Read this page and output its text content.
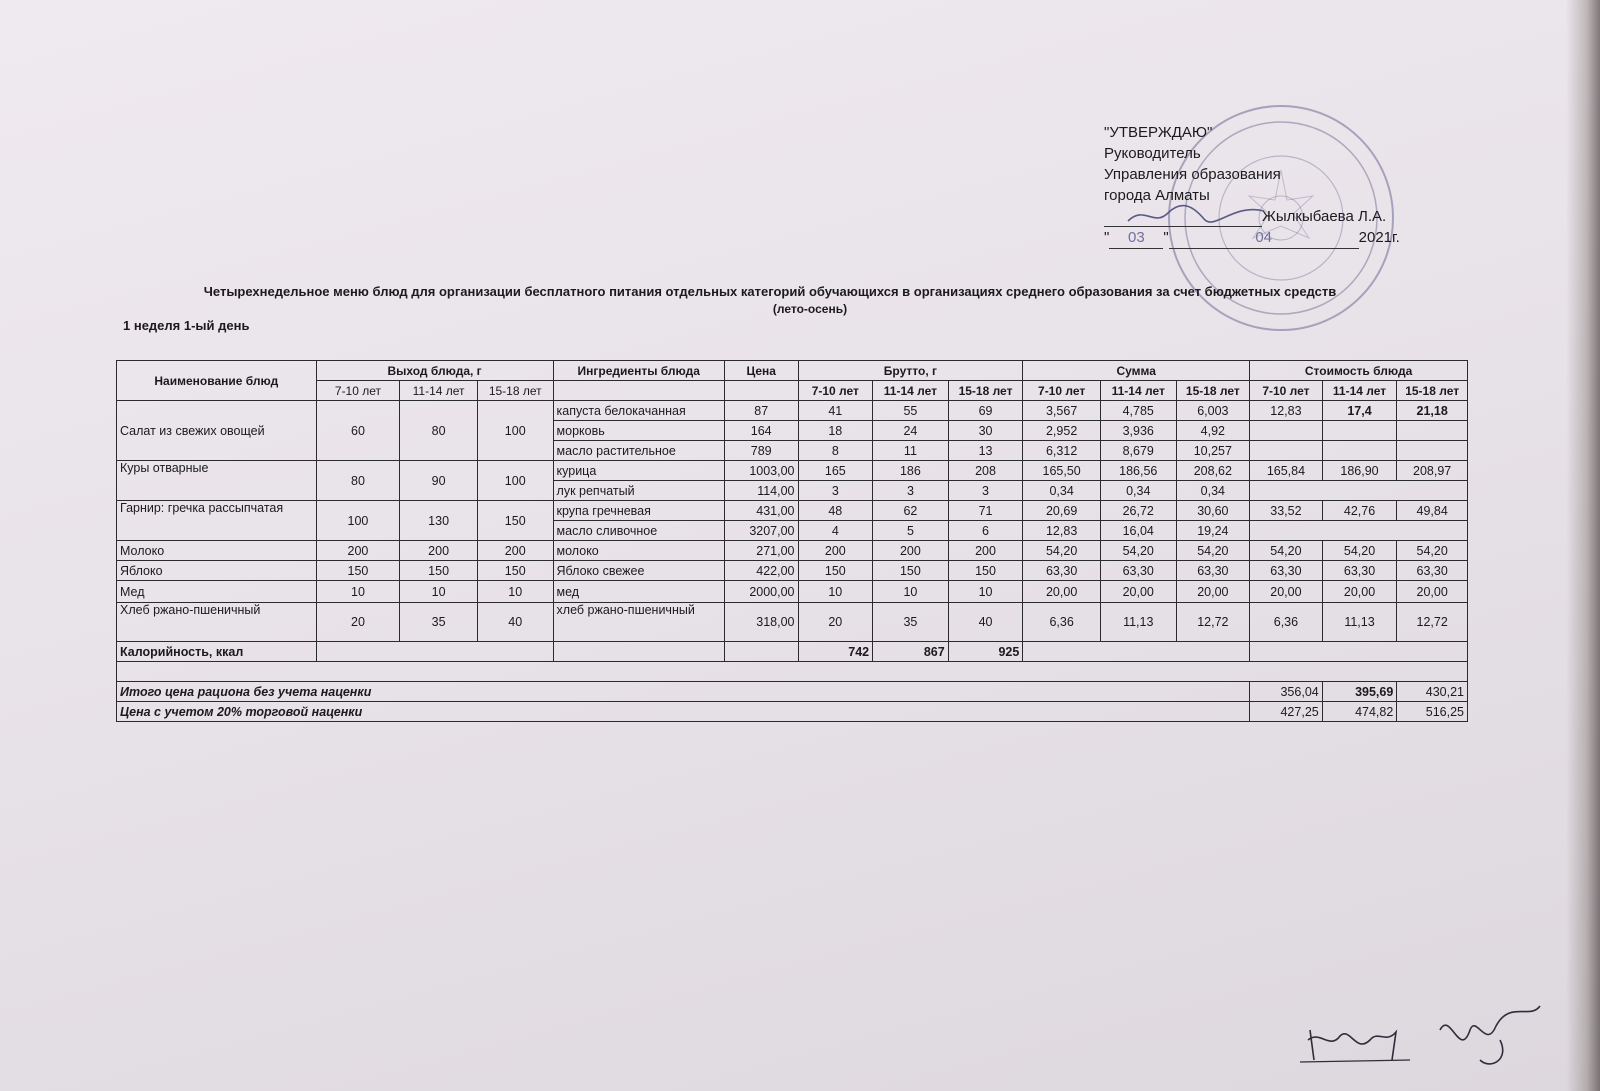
"УТВЕРЖДАЮ"
Руководитель
Управления образования
города Алматы
Жылкыбаева Л.А.
" 03 "	04	2021г.
Четырехнедельное меню блюд для организации бесплатного питания отдельных категорий обучающихся в организациях среднего образования за счет бюджетных средств
(лето-осень)
1 неделя 1-ый день
Наименование блюд	Выход блюда, г			Ингредиенты блюда	Цена	Брутто, г			Сумма			Стоимость блюда		
	7-10 лет	11-14 лет	15-18 лет			7-10 лет	11-14 лет	15-18 лет	7-10 лет	11-14 лет	15-18 лет	7-10 лет	11-14 лет	15-18 лет
Салат из свежих овощей	60	80	100	капуста белокачанная	87	41	55	69	3,567	4,785	6,003	12,83	17,4	21,18
				морковь	164	18	24	30	2,952	3,936	4,92			
				масло растительное	789	8	11	13	6,312	8,679	10,257			
Куры отварные	80	90	100	курица	1003,00	165	186	208	165,50	186,56	208,62	165,84	186,90	208,97
				лук репчатый	114,00	3	3	3	0,34	0,34	0,34			
Гарнир: гречка рассыпчатая	100	130	150	крупа гречневая	431,00	48	62	71	20,69	26,72	30,60	33,52	42,76	49,84
				масло сливочное	3207,00	4	5	6	12,83	16,04	19,24			
Молоко	200	200	200	молоко	271,00	200	200	200	54,20	54,20	54,20	54,20	54,20	54,20
Яблоко	150	150	150	Яблоко свежее	422,00	150	150	150	63,30	63,30	63,30	63,30	63,30	63,30
Мед	10	10	10	мед	2000,00	10	10	10	20,00	20,00	20,00	20,00	20,00	20,00
Хлеб ржано-пшеничный	20	35	40	хлеб ржано-пшеничный	318,00	20	35	40	6,36	11,13	12,72	6,36	11,13	12,72
Калорийность, ккал						742	867	925						

Итого цена рациона без учета наценки												356,04	395,69	430,21
Цена с учетом 20% торговой наценки												427,25	474,82	516,25
